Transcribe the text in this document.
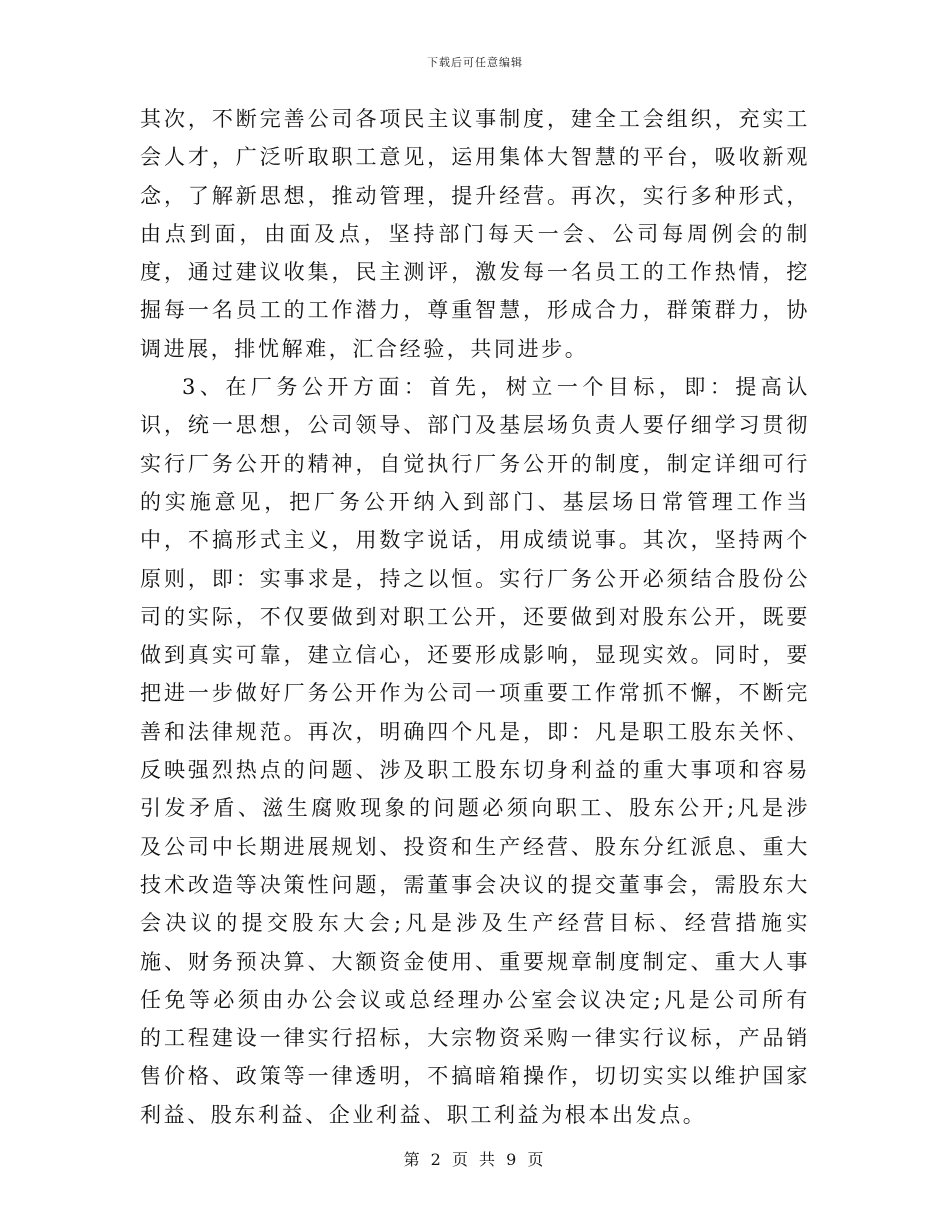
下载后可任意编辑

其次，不断完善公司各项民主议事制度，建全工会组织，充实工会人才，广泛听取职工意见，运用集体大智慧的平台，吸收新观念，了解新思想，推动管理，提升经营。再次，实行多种形式，由点到面，由面及点，坚持部门每天一会、公司每周例会的制度，通过建议收集，民主测评，激发每一名员工的工作热情，挖掘每一名员工的工作潜力，尊重智慧，形成合力，群策群力，协调进展，排忧解难，汇合经验，共同进步。

3、在厂务公开方面：首先，树立一个目标，即：提高认识，统一思想，公司领导、部门及基层场负责人要仔细学习贯彻实行厂务公开的精神，自觉执行厂务公开的制度，制定详细可行的实施意见，把厂务公开纳入到部门、基层场日常管理工作当中，不搞形式主义，用数字说话，用成绩说事。其次，坚持两个原则，即：实事求是，持之以恒。实行厂务公开必须结合股份公司的实际，不仅要做到对职工公开，还要做到对股东公开，既要做到真实可靠，建立信心，还要形成影响，显现实效。同时，要把进一步做好厂务公开作为公司一项重要工作常抓不懈，不断完善和法律规范。再次，明确四个凡是，即：凡是职工股东关怀、反映强烈热点的问题、涉及职工股东切身利益的重大事项和容易引发矛盾、滋生腐败现象的问题必须向职工、股东公开;凡是涉及公司中长期进展规划、投资和生产经营、股东分红派息、重大技术改造等决策性问题，需董事会决议的提交董事会，需股东大会决议的提交股东大会;凡是涉及生产经营目标、经营措施实施、财务预决算、大额资金使用、重要规章制度制定、重大人事任免等必须由办公会议或总经理办公室会议决定;凡是公司所有的工程建设一律实行招标，大宗物资采购一律实行议标，产品销售价格、政策等一律透明，不搞暗箱操作，切切实实以维护国家利益、股东利益、企业利益、职工利益为根本出发点。

第 2 页 共 9 页
